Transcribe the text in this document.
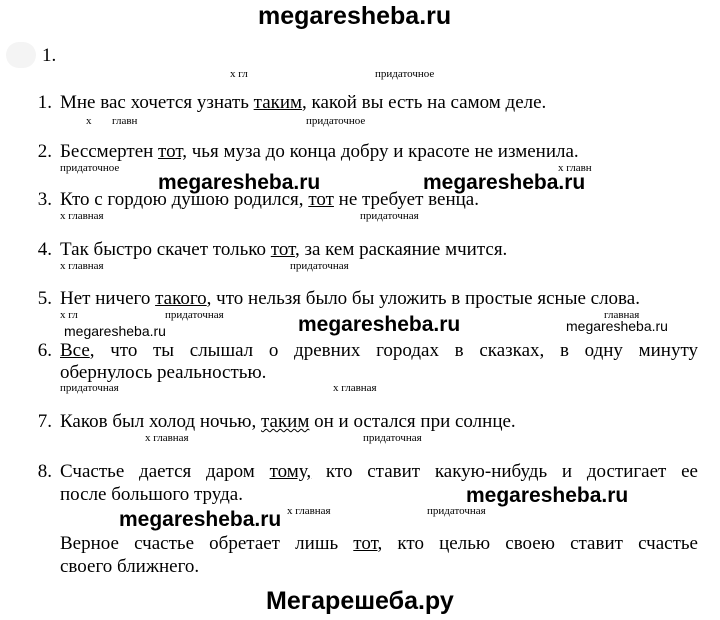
megaresheba.ru
1.
х гл	придаточное
1. Мне вас хочется узнать таким, какой вы есть на самом деле.
х главн	придаточное
2. Бессмертен тот, чья муза до конца добру и красоте не изменила.
придаточное	х главн
megaresheba.ru	megaresheba.ru
3. Кто с гордою душою родился, тот не требует венца.
х главная	придаточная
4. Так быстро скачет только тот, за кем раскаяние мчится.
х главная	придаточная
5. Нет ничего такого, что нельзя было бы уложить в простые ясные слова.
х гл	придаточная	главная
megaresheba.ru	megaresheba.ru	megaresheba.ru
6. Все, что ты слышал о древних городах в сказках, в одну минуту
обернулось реальностью.
придаточная	х главная
7. Каков был холод ночью, таким он и остался при солнце.
х главная	придаточная
8. Счастье дается даром тому, кто ставит какую-нибудь и достигает ее
после большого труда.	megaresheba.ru
megaresheba.ru х главная	придаточная
Верное счастье обретает лишь тот, кто целью своею ставит счастье
своего ближнего.
Мегарешеба.ру
